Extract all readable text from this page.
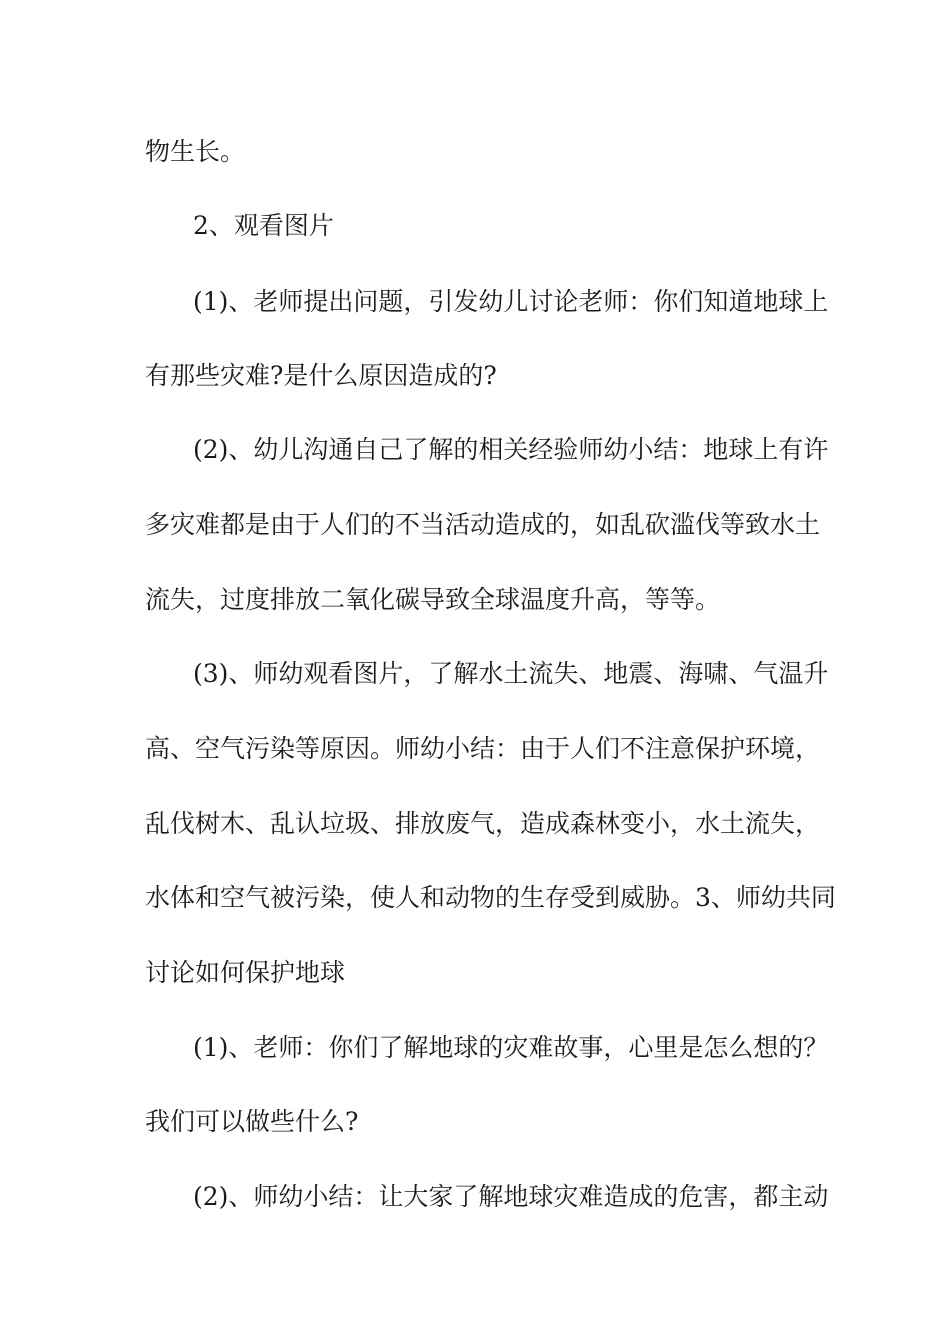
物生长。
2、观看图片
(1)、老师提出问题，引发幼儿讨论老师：你们知道地球上
有那些灾难?是什么原因造成的?
(2)、幼儿沟通自己了解的相关经验师幼小结：地球上有许
多灾难都是由于人们的不当活动造成的，如乱砍滥伐等致水土
流失，过度排放二氧化碳导致全球温度升高，等等。
(3)、师幼观看图片，了解水土流失、地震、海啸、气温升
高、空气污染等原因。师幼小结：由于人们不注意保护环境，
乱伐树木、乱认垃圾、排放废气，造成森林变小，水土流失，
水体和空气被污染，使人和动物的生存受到威胁。3、师幼共同
讨论如何保护地球
(1)、老师：你们了解地球的灾难故事，心里是怎么想的？
我们可以做些什么?
(2)、师幼小结：让大家了解地球灾难造成的危害，都主动
